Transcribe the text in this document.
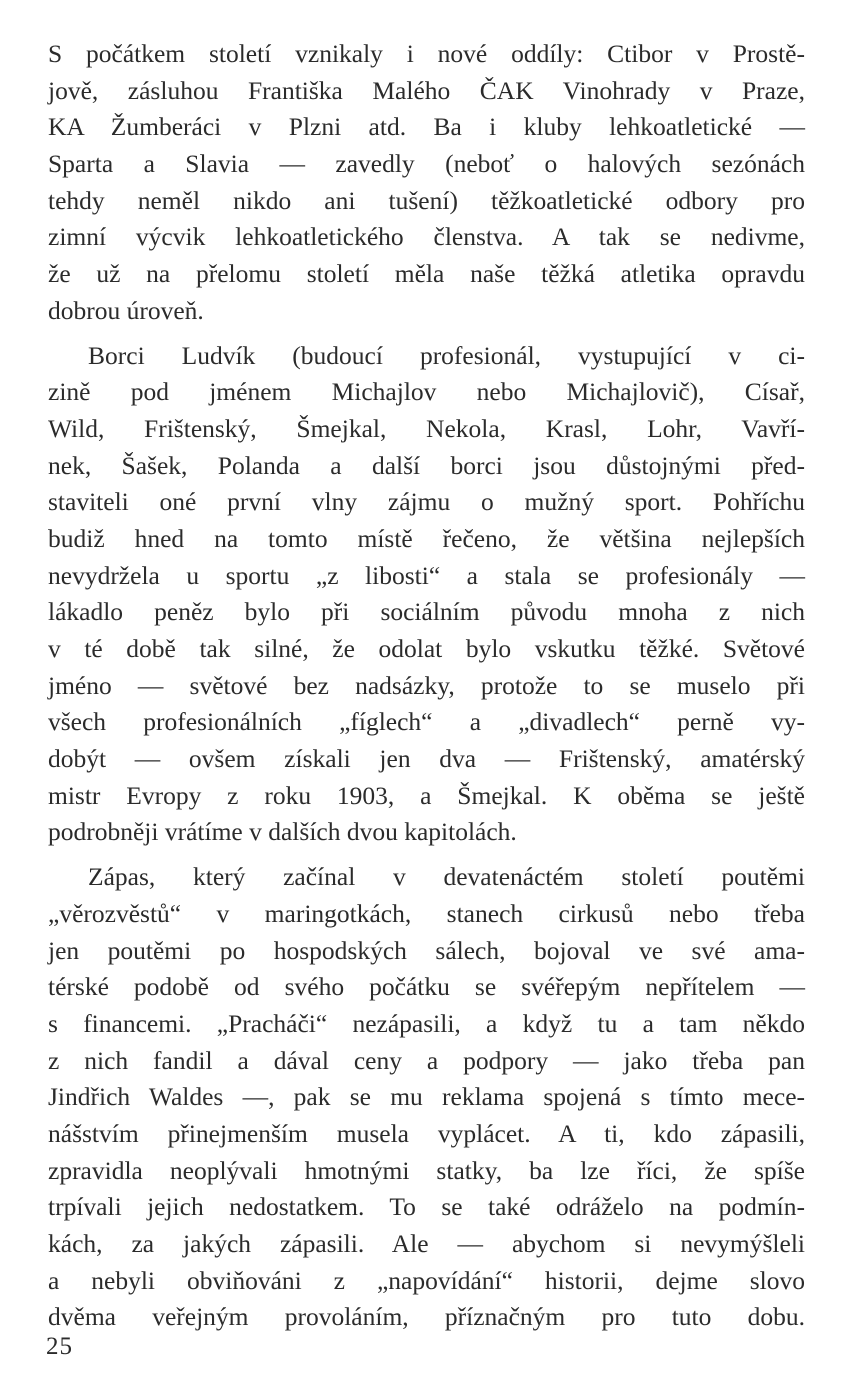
S počátkem století vznikaly i nové oddíly: Ctibor v Prostě-
jově, zásluhou Františka Malého ČAK Vinohrady v Praze,
KA Žumberáci v Plzni atd. Ba i kluby lehkoatletické —
Sparta a Slavia — zavedly (neboť o halových sezónách
tehdy neměl nikdo ani tušení) těžkoatletické odbory pro
zimní výcvik lehkoatletického členstva. A tak se nedivme,
že už na přelomu století měla naše těžká atletika opravdu
dobrou úroveň.
Borci Ludvík (budoucí profesionál, vystupující v ci-
zině pod jménem Michajlov nebo Michajlovič), Císař,
Wild, Frištenský, Šmejkal, Nekola, Krasl, Lohr, Vavří-
nek, Šašek, Polanda a další borci jsou důstojnými před-
staviteli oné první vlny zájmu o mužný sport. Pohříchu
budiž hned na tomto místě řečeno, že většina nejlepších
nevydržela u sportu „z libosti“ a stala se profesionály —
lákadlo peněz bylo při sociálním původu mnoha z nich
v té době tak silné, že odolat bylo vskutku těžké. Světové
jméno — světové bez nadsázky, protože to se muselo při
všech profesionálních „fíglech“ a „divadlech“ perně vy-
dobýt — ovšem získali jen dva — Frištenský, amatérský
mistr Evropy z roku 1903, a Šmejkal. K oběma se ještě
podrobněji vrátíme v dalších dvou kapitolách.
Zápas, který začínal v devatenáctém století poutěmi
„věrozvěstů“ v maringotkách, stanech cirkusů nebo třeba
jen poutěmi po hospodských sálech, bojoval ve své ama-
térské podobě od svého počátku se svéřepým nepřítelem —
s financemi. „Pracháči“ nezápasili, a když tu a tam někdo
z nich fandil a dával ceny a podpory — jako třeba pan
Jindřich Waldes —, pak se mu reklama spojená s tímto mece-
nášstvím přinejmenším musela vyplácet. A ti, kdo zápasili,
zpravidla neoplývali hmotnými statky, ba lze říci, že spíše
trpívali jejich nedostatkem. To se také odráželo na podmín-
kách, za jakých zápasili. Ale — abychom si nevymýšleli
a nebyli obviňováni z „napovídání“ historii, dejme slovo
dvěma veřejným provoláním, příznačným pro tuto dobu.
25
